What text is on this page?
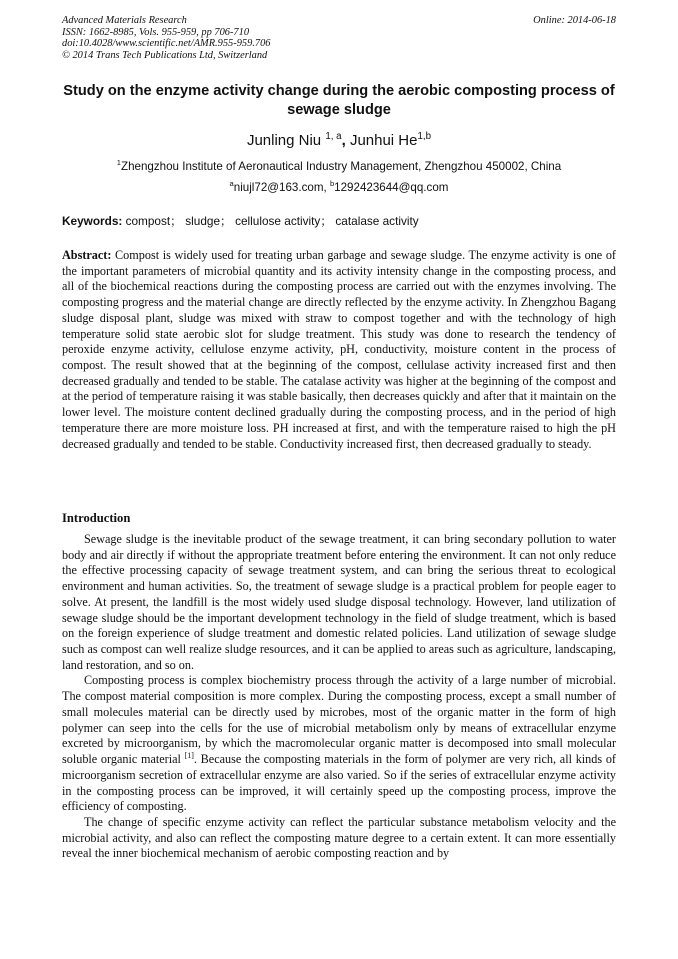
Advanced Materials Research
ISSN: 1662-8985, Vols. 955-959, pp 706-710
doi:10.4028/www.scientific.net/AMR.955-959.706
© 2014 Trans Tech Publications Ltd, Switzerland
Online: 2014-06-18
Study on the enzyme activity change during the aerobic composting process of sewage sludge
Junling Niu $^{1, a}$, Junhui He$^{1,b}$
$^1$Zhengzhou Institute of Aeronautical Industry Management, Zhengzhou 450002, China
$^a$niujl72@163.com, $^b$1292423644@qq.com
Keywords: compost； sludge； cellulose activity； catalase activity
Abstract: Compost is widely used for treating urban garbage and sewage sludge. The enzyme activity is one of the important parameters of microbial quantity and its activity intensity change in the composting process, and all of the biochemical reactions during the composting process are carried out with the enzymes involving. The composting progress and the material change are directly reflected by the enzyme activity. In Zhengzhou Bagang sludge disposal plant, sludge was mixed with straw to compost together and with the technology of high temperature solid state aerobic slot for sludge treatment. This study was done to research the tendency of peroxide enzyme activity, cellulose enzyme activity, pH, conductivity, moisture content in the process of compost. The result showed that at the beginning of the compost, cellulase activity increased first and then decreased gradually and tended to be stable. The catalase activity was higher at the beginning of the compost and at the period of temperature raising it was stable basically, then decreases quickly and after that it maintain on the lower level. The moisture content declined gradually during the composting process, and in the period of high temperature there are more moisture loss. PH increased at first, and with the temperature raised to high the pH decreased gradually and tended to be stable. Conductivity increased first, then decreased gradually to steady.
Introduction

Sewage sludge is the inevitable product of the sewage treatment, it can bring secondary pollution to water body and air directly if without the appropriate treatment before entering the environment. It can not only reduce the effective processing capacity of sewage treatment system, and can bring the serious threat to ecological environment and human activities. So, the treatment of sewage sludge is a practical problem for people eager to solve. At present, the landfill is the most widely used sludge disposal technology. However, land utilization of sewage sludge should be the important development technology in the field of sludge treatment, which is based on the foreign experience of sludge treatment and domestic related policies. Land utilization of sewage sludge such as compost can well realize sludge resources, and it can be applied to areas such as agriculture, landscaping, land restoration, and so on.

Composting process is complex biochemistry process through the activity of a large number of microbial. The compost material composition is more complex. During the composting process, except a small number of small molecules material can be directly used by microbes, most of the organic matter in the form of high polymer can seep into the cells for the use of microbial metabolism only by means of extracellular enzyme excreted by microorganism, by which the macromolecular organic matter is decomposed into small molecular soluble organic material [1]. Because the composting materials in the form of polymer are very rich, all kinds of microorganism secretion of extracellular enzyme are also varied. So if the series of extracellular enzyme activity in the composting process can be improved, it will certainly speed up the composting process, improve the efficiency of composting.

The change of specific enzyme activity can reflect the particular substance metabolism velocity and the microbial activity, and also can reflect the composting mature degree to a certain extent. It can more essentially reveal the inner biochemical mechanism of aerobic composting reaction and by
